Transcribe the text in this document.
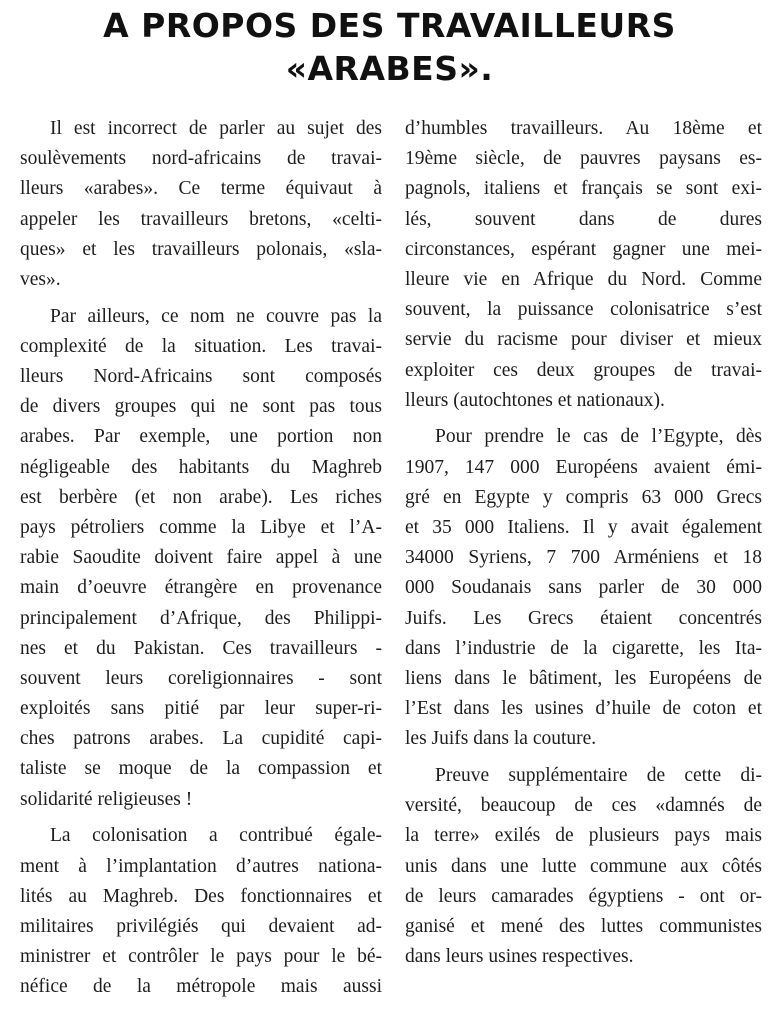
A PROPOS DES TRAVAILLEURS
«ARABES».
Il est incorrect de parler au sujet des
soulèvements nord-africains de travai-
lleurs «arabes». Ce terme équivaut à
appeler les travailleurs bretons, «celti-
ques» et les travailleurs polonais, «sla-
ves».
Par ailleurs, ce nom ne couvre pas la
complexité de la situation. Les travai-
lleurs Nord-Africains sont composés
de divers groupes qui ne sont pas tous
arabes. Par exemple, une portion non
négligeable des habitants du Maghreb
est berbère (et non arabe). Les riches
pays pétroliers comme la Libye et l’A-
rabie Saoudite doivent faire appel à une
main d’oeuvre étrangère en provenance
principalement d’Afrique, des Philippi-
nes et du Pakistan. Ces travailleurs -
souvent leurs coreligionnaires - sont
exploités sans pitié par leur super-ri-
ches patrons arabes. La cupidité capi-
taliste se moque de la compassion et
solidarité religieuses !
La colonisation a contribué égale-
ment à l’implantation d’autres nationa-
lités au Maghreb. Des fonctionnaires et
militaires privilégiés qui devaient ad-
ministrer et contrôler le pays pour le bé-
néfice de la métropole mais aussi
d’humbles travailleurs. Au 18ème et
19ème siècle, de pauvres paysans es-
pagnols, italiens et français se sont exi-
lés, souvent dans de dures
circonstances, espérant gagner une mei-
lleure vie en Afrique du Nord. Comme
souvent, la puissance colonisatrice s’est
servie du racisme pour diviser et mieux
exploiter ces deux groupes de travai-
lleurs (autochtones et nationaux).
Pour prendre le cas de l’Egypte, dès
1907, 147 000 Européens avaient émi-
gré en Egypte y compris 63 000 Grecs
et 35 000 Italiens. Il y avait également
34000 Syriens, 7 700 Arméniens et 18
000 Soudanais sans parler de 30 000
Juifs. Les Grecs étaient concentrés
dans l’industrie de la cigarette, les Ita-
liens dans le bâtiment, les Européens de
l’Est dans les usines d’huile de coton et
les Juifs dans la couture.
Preuve supplémentaire de cette di-
versité, beaucoup de ces «damnés de
la terre» exilés de plusieurs pays mais
unis dans une lutte commune aux côtés
de leurs camarades égyptiens - ont or-
ganisé et mené des luttes communistes
dans leurs usines respectives.
